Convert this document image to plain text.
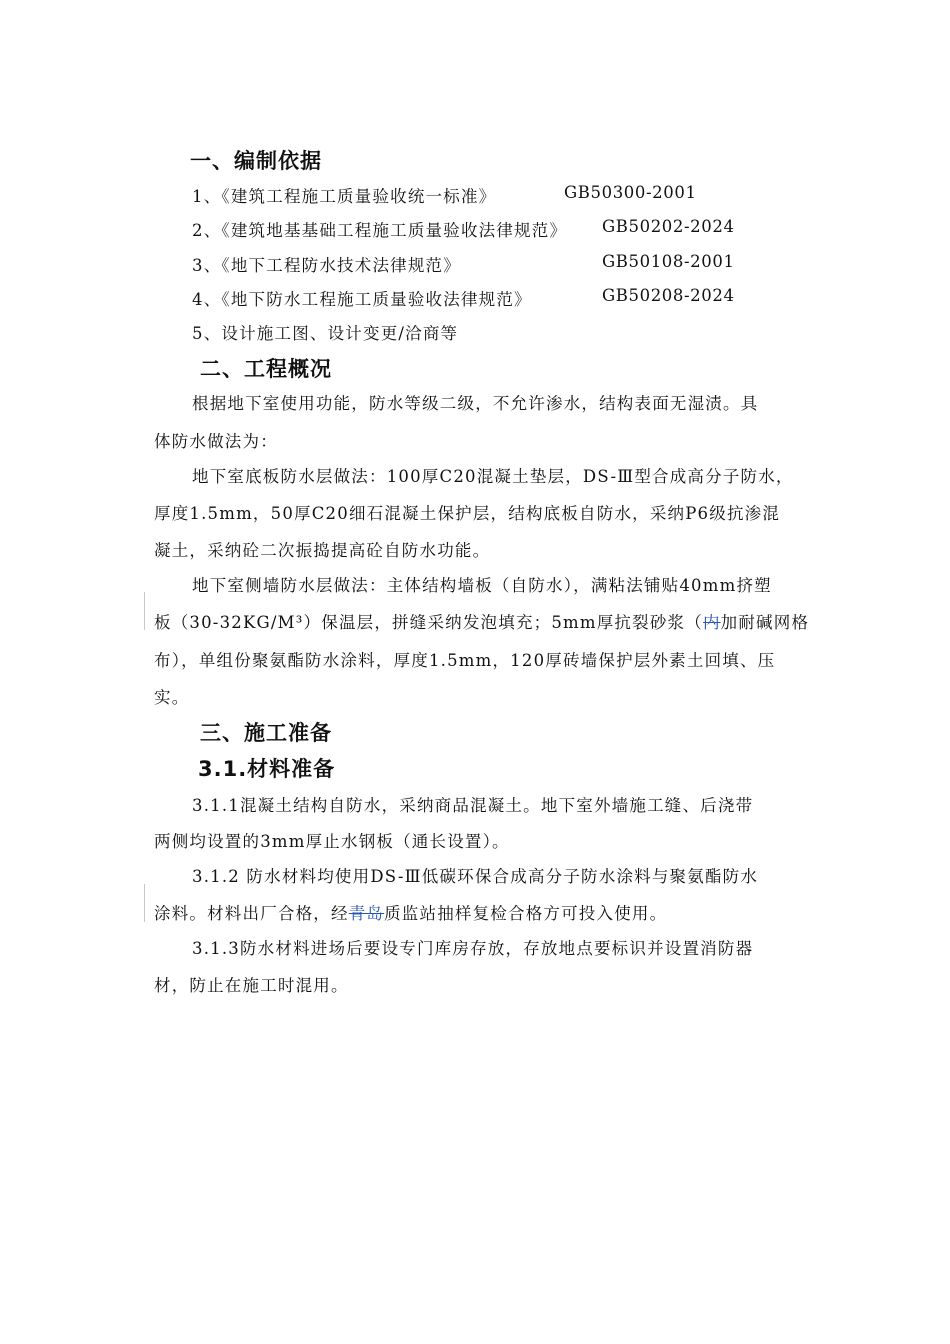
一、编制依据
1、《建筑工程施工质量验收统一标准》	GB50300-2001
2、《建筑地基基础工程施工质量验收法律规范》 GB50202-2024
3、《地下工程防水技术法律规范》	GB50108-2001
4、《地下防水工程施工质量验收法律规范》	GB50208-2024
5、设计施工图、设计变更/洽商等
二、工程概况
根据地下室使用功能，防水等级二级，不允许渗水，结构表面无湿渍。具
体防水做法为：
地下室底板防水层做法：100厚C20混凝土垫层，DS-Ⅲ型合成高分子防水，
厚度1.5mm，50厚C20细石混凝土保护层，结构底板自防水，采纳P6级抗渗混
凝土，采纳砼二次振捣提高砼自防水功能。
地下室侧墙防水层做法：主体结构墙板（自防水），满粘法铺贴40mm挤塑
板（30-32KG/M³）保温层，拼缝采纳发泡填充；5mm厚抗裂砂浆（内加耐碱网格
布），单组份聚氨酯防水涂料，厚度1.5mm，120厚砖墙保护层外素土回填、压
实。
三、施工准备
3.1.材料准备
3.1.1混凝土结构自防水，采纳商品混凝土。地下室外墙施工缝、后浇带
两侧均设置的3mm厚止水钢板（通长设置）。
3.1.2 防水材料均使用DS-Ⅲ低碳环保合成高分子防水涂料与聚氨酯防水
涂料。材料出厂合格，经青岛质监站抽样复检合格方可投入使用。
3.1.3防水材料进场后要设专门库房存放，存放地点要标识并设置消防器
材，防止在施工时混用。
